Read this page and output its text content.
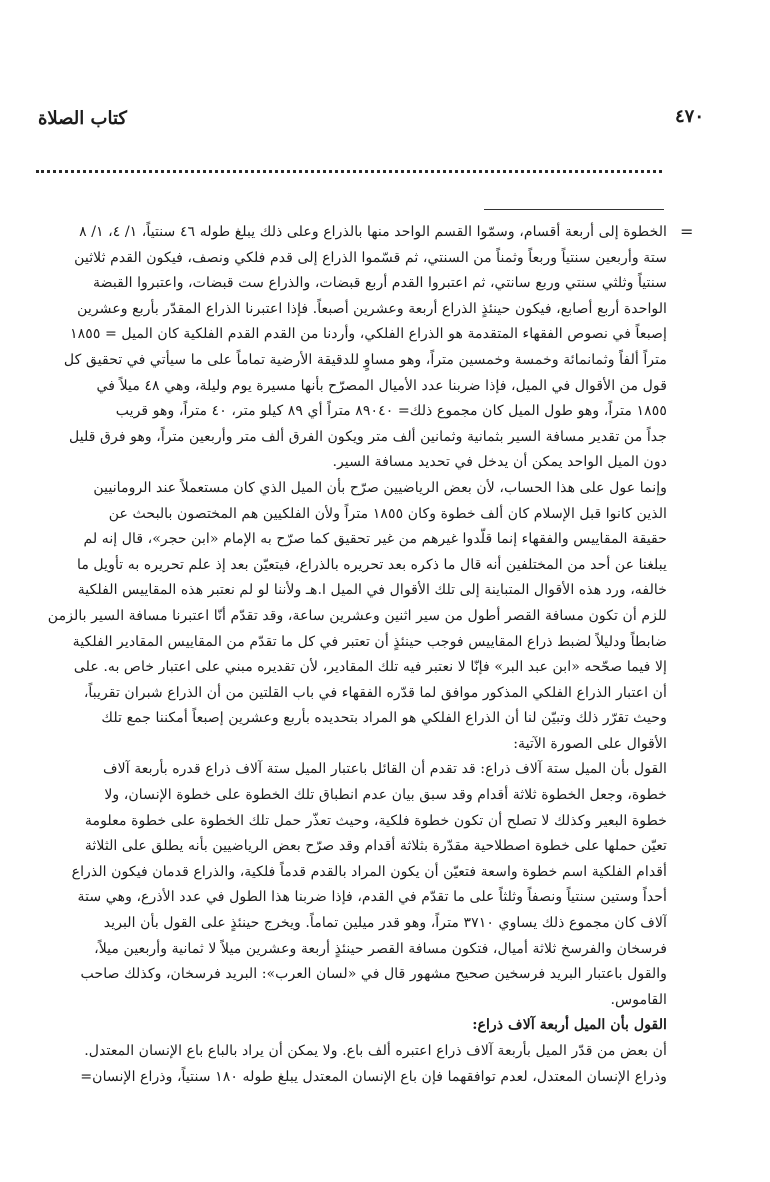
كتاب الصلاة	٤٧٠
=
الخطوة إلى أربعة أقسام، وسمّوا القسم الواحد منها بالذراع وعلى ذلك يبلغ طوله ٤٦ سنتياً، ١/ ٤، ١/ ٨
ستة وأربعين سنتياً وربعاً وثمناً من السنتي، ثم قسّموا الذراع إلى قدم فلكي ونصف، فيكون القدم ثلاثين
سنتياً وثلثي سنتي وربع سانتي، ثم اعتبروا القدم أربع قبضات، والذراع ست قبضات، واعتبروا القبضة
الواحدة أربع أصابع، فيكون حينئذٍ الذراع أربعة وعشرين أصبعاً. فإذا اعتبرنا الذراع المقدّر بأربع وعشرين
إصبعاً في نصوص الفقهاء المتقدمة هو الذراع الفلكي، وأردنا من القدم القدم الفلكية كان الميل = ١٨٥٥
متراً ألفاً وثمانمائة وخمسة وخمسين متراً، وهو مساوٍ للدقيقة الأرضية تماماً على ما سيأتي في تحقيق كل
قول من الأقوال في الميل، فإذا ضربنا عدد الأميال المصرّح بأنها مسيرة يوم وليلة، وهي ٤٨ ميلاً في
١٨٥٥ متراً، وهو طول الميل كان مجموع ذلك= ٨٩٠٤٠ متراً أي ٨٩ كيلو متر، ٤٠ متراً، وهو قريب
جداً من تقدير مسافة السير بثمانية وثمانين ألف متر ويكون الفرق ألف متر وأربعين متراً، وهو فرق قليل
دون الميل الواحد يمكن أن يدخل في تحديد مسافة السير.
وإنما عول على هذا الحساب، لأن بعض الرياضيين صرّح بأن الميل الذي كان مستعملاً عند الرومانيين
الذين كانوا قبل الإسلام كان ألف خطوة وكان ١٨٥٥ متراً ولأن الفلكيين هم المختصون بالبحث عن
حقيقة المقاييس والفقهاء إنما قلّدوا غيرهم من غير تحقيق كما صرّح به الإمام «ابن حجر»، قال إنه لم
يبلغنا عن أحد من المختلفين أنه قال ما ذكره بعد تحريره بالذراع، فيتعيّن بعد إذ علم تحريره به تأويل ما
خالفه، ورد هذه الأقوال المتباينة إلى تلك الأقوال في الميل ا.هـ ولأننا لو لم نعتبر هذه المقاييس الفلكية
للزم أن تكون مسافة القصر أطول من سير اثنين وعشرين ساعة، وقد تقدّم أنّا اعتبرنا مسافة السير بالزمن
ضابطاً ودليلاً لضبط ذراع المقاييس فوجب حينئذٍ أن تعتبر في كل ما تقدّم من المقاييس المقادير الفلكية
إلا فيما صحّحه «ابن عبد البر» فإنّا لا نعتبر فيه تلك المقادير، لأن تقديره مبني على اعتبار خاص به. على
أن اعتبار الذراع الفلكي المذكور موافق لما قدّره الفقهاء في باب القلتين من أن الذراع شبران تقريباً،
وحيث تقرّر ذلك وتبيّن لنا أن الذراع الفلكي هو المراد بتحديده بأربع وعشرين إصبعاً أمكننا جمع تلك
الأقوال على الصورة الآتية:
القول بأن الميل ستة آلاف ذراع: قد تقدم أن القائل باعتبار الميل ستة آلاف ذراع قدره بأربعة آلاف
خطوة، وجعل الخطوة ثلاثة أقدام وقد سبق بيان عدم انطباق تلك الخطوة على خطوة الإنسان، ولا
خطوة البعير وكذلك لا تصلح أن تكون خطوة فلكية، وحيث تعذّر حمل تلك الخطوة على خطوة معلومة
تعيّن حملها على خطوة اصطلاحية مقدّرة بثلاثة أقدام وقد صرّح بعض الرياضيين بأنه يطلق على الثلاثة
أقدام الفلكية اسم خطوة واسعة فتعيّن أن يكون المراد بالقدم قدماً فلكية، والذراع قدمان فيكون الذراع
أحداً وستين سنتياً ونصفاً وثلثاً على ما تقدّم في القدم، فإذا ضربنا هذا الطول في عدد الأذرع، وهي ستة
آلاف كان مجموع ذلك يساوي ٣٧١٠ متراً، وهو قدر ميلين تماماً. ويخرج حينئذٍ على القول بأن البريد
فرسخان والفرسخ ثلاثة أميال، فتكون مسافة القصر حينئذٍ أربعة وعشرين ميلاً لا ثمانية وأربعين ميلاً،
والقول باعتبار البريد فرسخين صحيح مشهور قال في «لسان العرب»: البريد فرسخان، وكذلك صاحب
القاموس.
القول بأن الميل أربعة آلاف ذراع:
أن بعض من قدّر الميل بأربعة آلاف ذراع اعتبره ألف باع. ولا يمكن أن يراد بالباع باع الإنسان المعتدل.
وذراع الإنسان المعتدل، لعدم توافقهما فإن باع الإنسان المعتدل يبلغ طوله ١٨٠ سنتياً، وذراع الإنسان=
